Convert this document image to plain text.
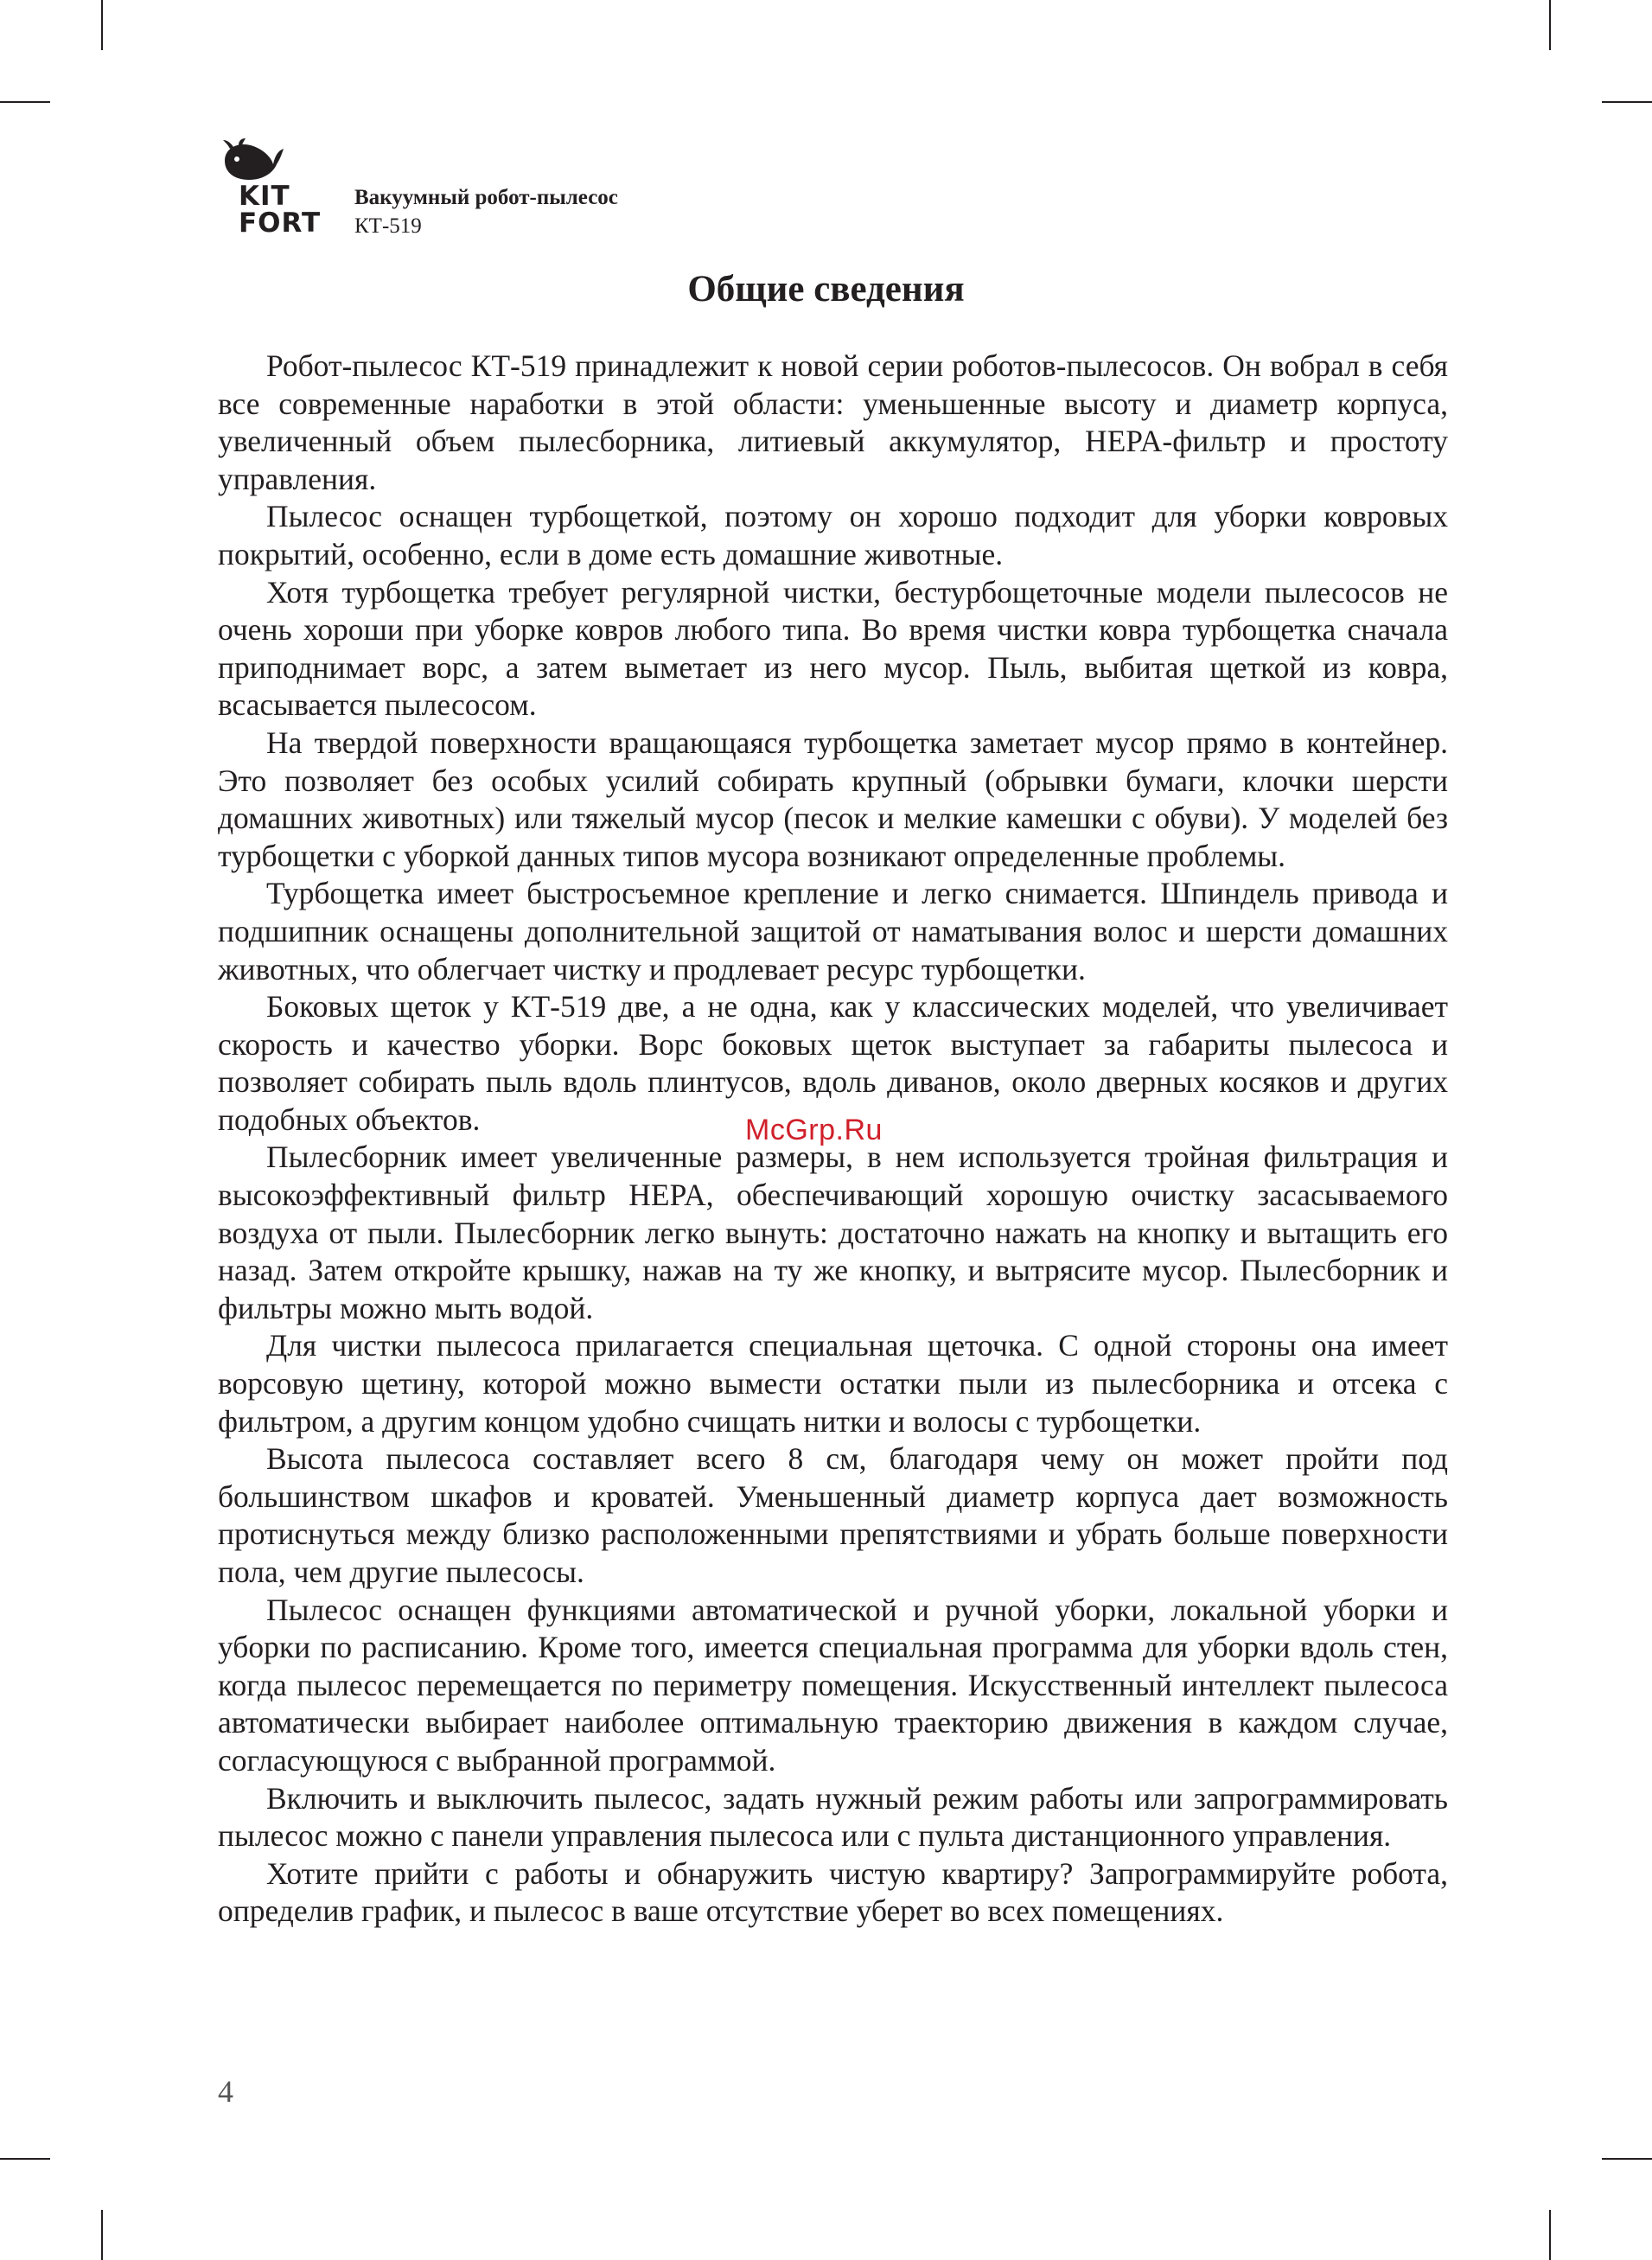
KIT
FORT
Вакуумный робот-пылесос
КТ-519
Общие сведения

Робот-пылесос КТ-519 принадлежит к новой серии роботов-пылесосов. Он вобрал в себя все современные наработки в этой области: уменьшенные высоту и диаметр корпуса, увеличенный объем пылесборника, литиевый аккумулятор, HEPA-фильтр и простоту управления.

Пылесос оснащен турбощеткой, поэтому он хорошо подходит для уборки ковровых покрытий, особенно, если в доме есть домашние животные.

Хотя турбощетка требует регулярной чистки, бестурбощеточные модели пылесосов не очень хороши при уборке ковров любого типа. Во время чистки ковра турбощетка сначала приподнимает ворс, а затем выметает из него мусор. Пыль, выбитая щеткой из ковра, всасывается пылесосом.

На твердой поверхности вращающаяся турбощетка заметает мусор прямо в контейнер. Это позволяет без особых усилий собирать крупный (обрывки бумаги, клочки шерсти домашних животных) или тяжелый мусор (песок и мелкие камешки с обуви). У моделей без турбощетки с уборкой данных типов мусора возникают определенные проблемы.

Турбощетка имеет быстросъемное крепление и легко снимается. Шпиндель привода и подшипник оснащены дополнительной защитой от наматывания волос и шерсти домашних животных, что облегчает чистку и продлевает ресурс турбощетки.

Боковых щеток у КТ-519 две, а не одна, как у классических моделей, что увеличивает скорость и качество уборки. Ворс боковых щеток выступает за габариты пылесоса и позволяет собирать пыль вдоль плинтусов, вдоль диванов, около дверных косяков и других подобных объектов.

Пылесборник имеет увеличенные размеры, в нем используется тройная фильтрация и высокоэффективный фильтр HEPA, обеспечивающий хорошую очистку засасываемого воздуха от пыли. Пылесборник легко вынуть: достаточно нажать на кнопку и вытащить его назад. Затем откройте крышку, нажав на ту же кнопку, и вытрясите мусор. Пылесборник и фильтры можно мыть водой.

Для чистки пылесоса прилагается специальная щеточка. С одной стороны она имеет ворсовую щетину, которой можно вымести остатки пыли из пылесборника и отсека с фильтром, а другим концом удобно счищать нитки и волосы с турбощетки.

Высота пылесоса составляет всего 8 см, благодаря чему он может пройти под большинством шкафов и кроватей. Уменьшенный диаметр корпуса дает возможность протиснуться между близко расположенными препятствиями и убрать больше поверхности пола, чем другие пылесосы.

Пылесос оснащен функциями автоматической и ручной уборки, локальной уборки и уборки по расписанию. Кроме того, имеется специальная программа для уборки вдоль стен, когда пылесос перемещается по периметру помещения. Искусственный интеллект пылесоса автоматически выбирает наиболее оптимальную траекторию движения в каждом случае, согласующуюся с выбранной программой.

Включить и выключить пылесос, задать нужный режим работы или запрограммировать пылесос можно с панели управления пылесоса или с пульта дистанционного управления.

Хотите прийти с работы и обнаружить чистую квартиру? Запрограммируйте робота, определив график, и пылесос в ваше отсутствие уберет во всех помещениях.

McGrp.Ru
4
